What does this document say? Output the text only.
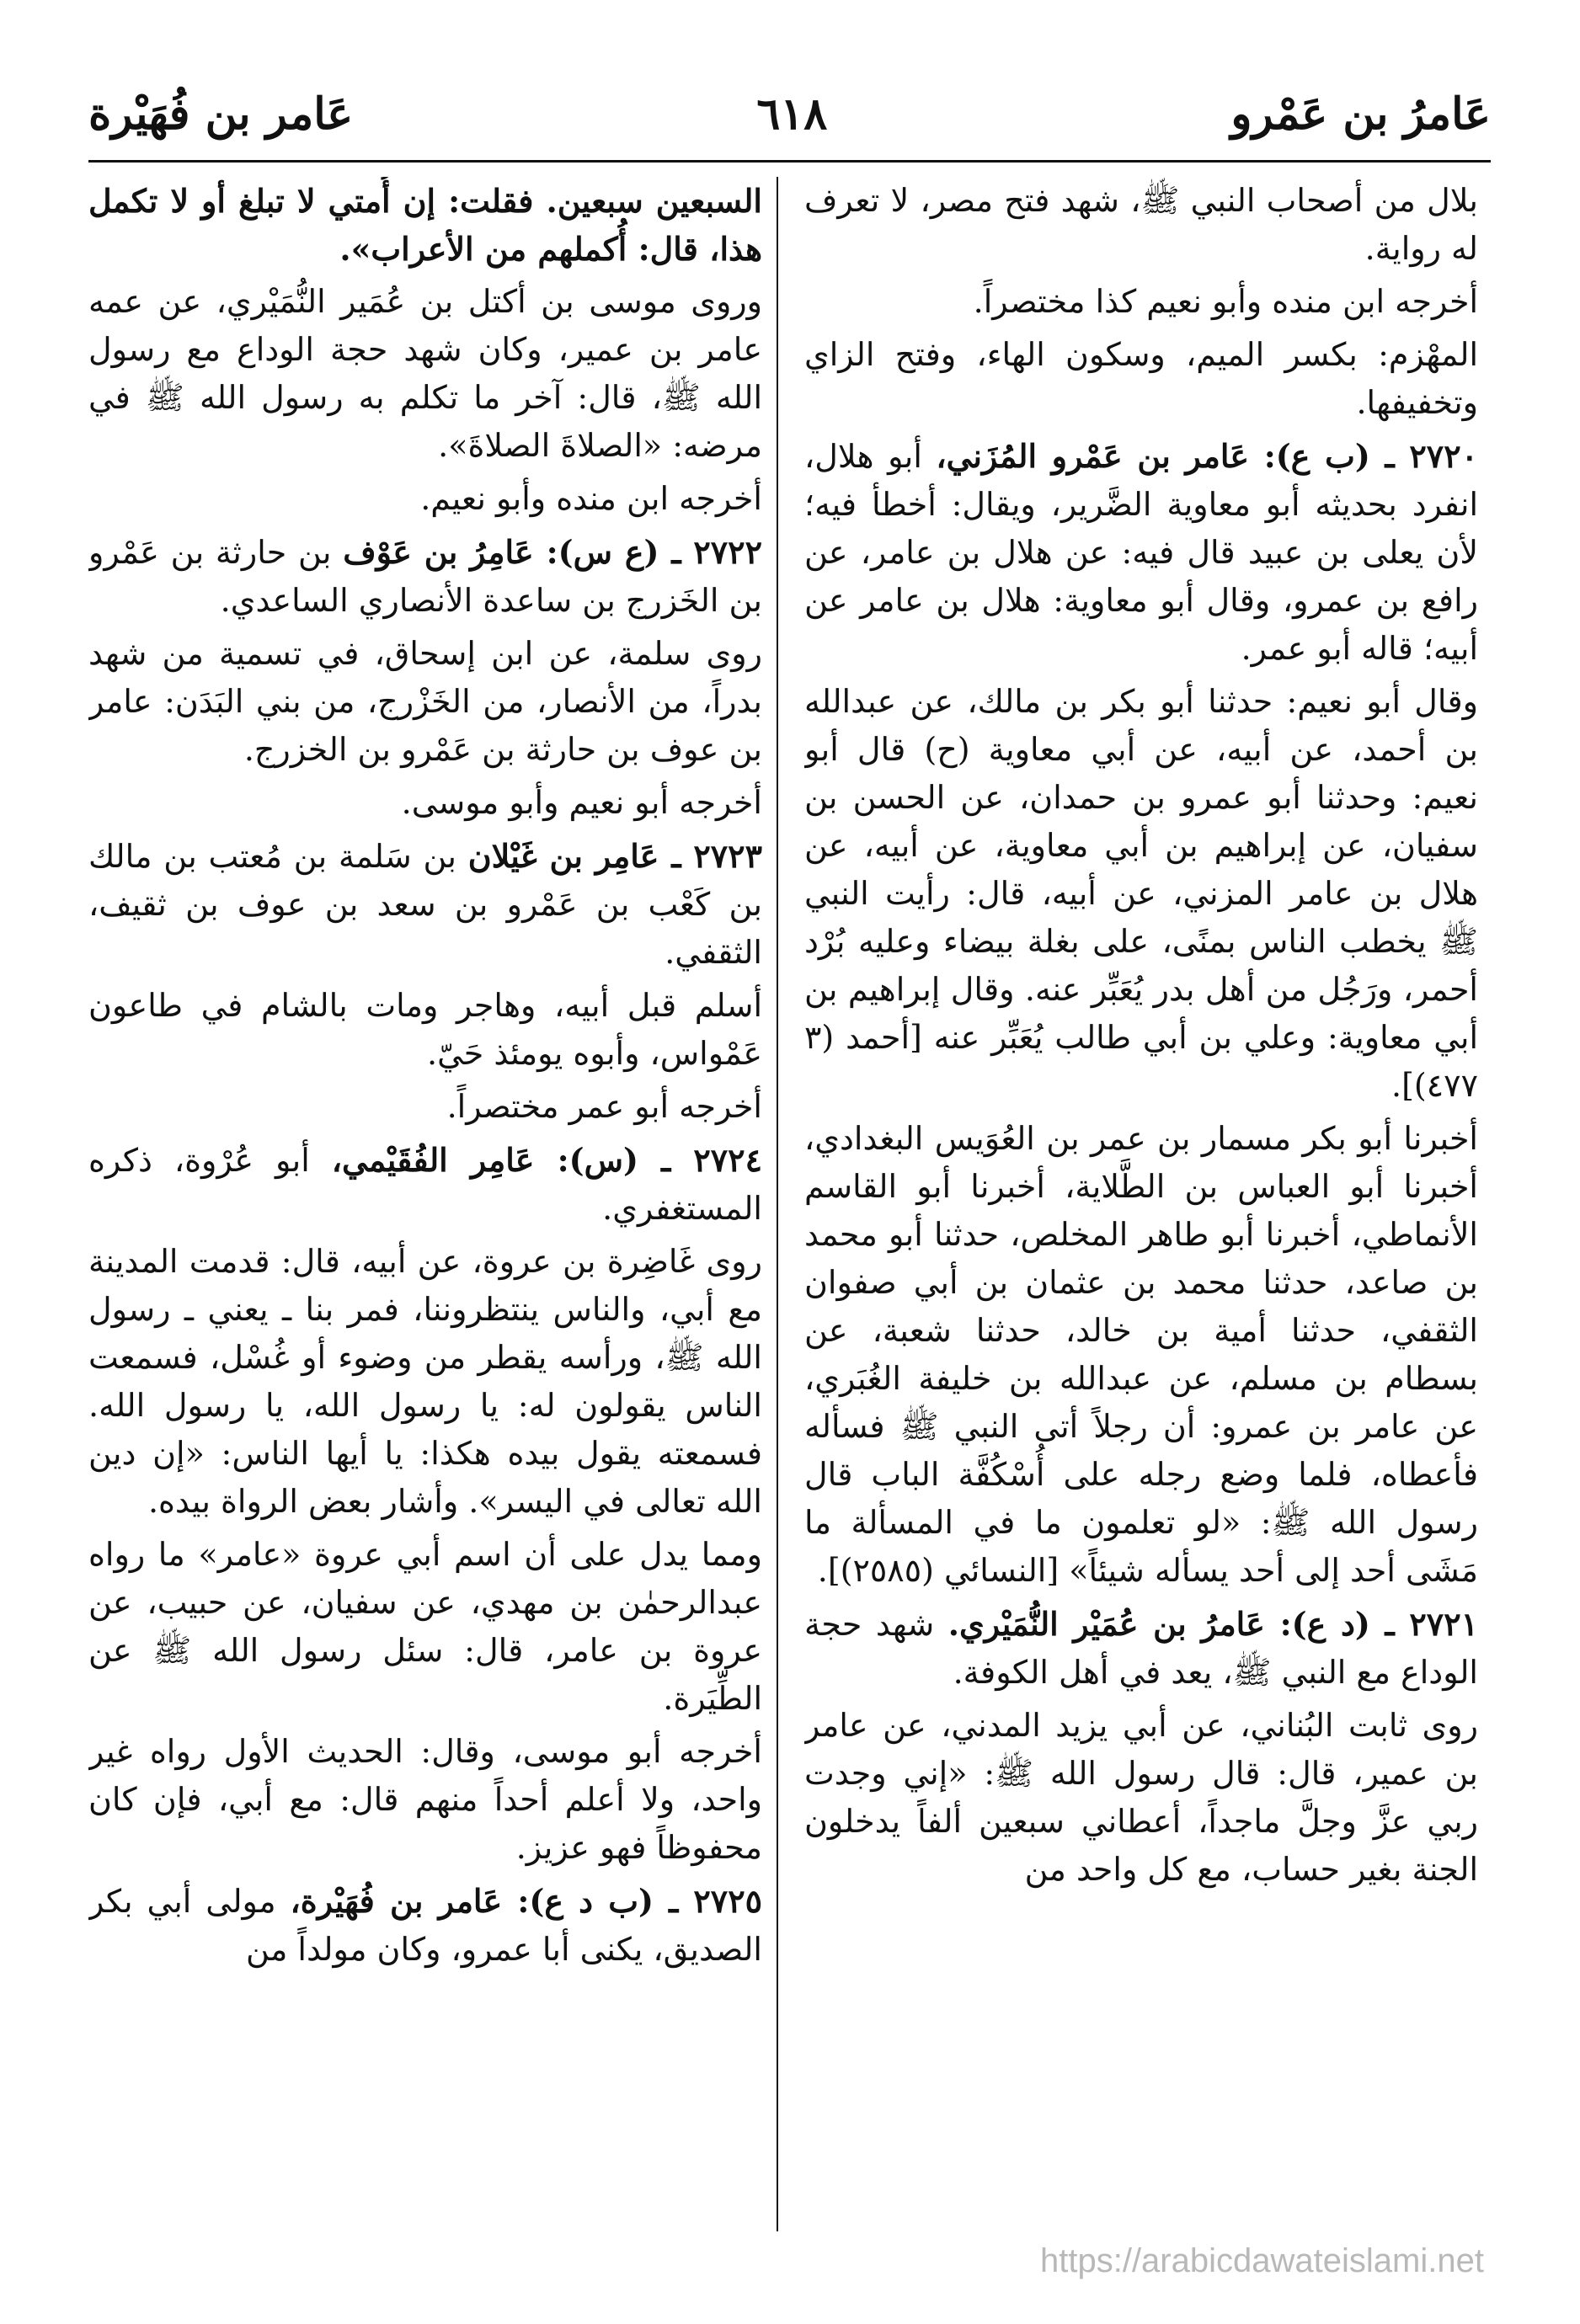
عَامرُ بن عَمْرو
٦١٨
عَامر بن فُهَيْرة

بلال من أصحاب النبي ﷺ، شهد فتح مصر، لا تعرف له رواية.

أخرجه ابن منده وأبو نعيم كذا مختصراً.

المهْزم: بكسر الميم، وسكون الهاء، وفتح الزاي وتخفيفها.

٢٧٢٠ ـ (ب ع): عَامر بن عَمْرو المُزَني، أبو هلال، انفرد بحديثه أبو معاوية الضَّرير، ويقال: أخطأ فيه؛ لأن يعلى بن عبيد قال فيه: عن هلال بن عامر، عن رافع بن عمرو، وقال أبو معاوية: هلال بن عامر عن أبيه؛ قاله أبو عمر.

وقال أبو نعيم: حدثنا أبو بكر بن مالك، عن عبدالله بن أحمد، عن أبيه، عن أبي معاوية (ح) قال أبو نعيم: وحدثنا أبو عمرو بن حمدان، عن الحسن بن سفيان، عن إبراهيم بن أبي معاوية، عن أبيه، عن هلال بن عامر المزني، عن أبيه، قال: رأيت النبي ﷺ يخطب الناس بمنًى، على بغلة بيضاء وعليه بُرْد أحمر، ورَجُل من أهل بدر يُعَبِّر عنه. وقال إبراهيم بن أبي معاوية: وعلي بن أبي طالب يُعَبِّر عنه [أحمد (٣ ٤٧٧)].

أخبرنا أبو بكر مسمار بن عمر بن العُوَيس البغدادي، أخبرنا أبو العباس بن الطَّلاية، أخبرنا أبو القاسم الأنماطي، أخبرنا أبو طاهر المخلص، حدثنا أبو محمد بن صاعد، حدثنا محمد بن عثمان بن أبي صفوان الثقفي، حدثنا أمية بن خالد، حدثنا شعبة، عن بسطام بن مسلم، عن عبدالله بن خليفة الغُبَري، عن عامر بن عمرو: أن رجلاً أتى النبي ﷺ فسأله فأعطاه، فلما وضع رجله على أُسْكُفَّة الباب قال رسول الله ﷺ: «لو تعلمون ما في المسألة ما مَشَى أحد إلى أحد يسأله شيئاً» [النسائي (٢٥٨٥)].

٢٧٢١ ـ (د ع): عَامرُ بن عُمَيْر النُّمَيْري. شهد حجة الوداع مع النبي ﷺ، يعد في أهل الكوفة.

روى ثابت البُناني، عن أبي يزيد المدني، عن عامر بن عمير، قال: قال رسول الله ﷺ: «إني وجدت ربي عزَّ وجلَّ ماجداً، أعطاني سبعين ألفاً يدخلون الجنة بغير حساب، مع كل واحد من

السبعين سبعين. فقلت: إن أُمتي لا تبلغ أو لا تكمل هذا، قال: أُكملهم من الأعراب».

وروى موسى بن أكتل بن عُمَير النُّمَيْري، عن عمه عامر بن عمير، وكان شهد حجة الوداع مع رسول الله ﷺ، قال: آخر ما تكلم به رسول الله ﷺ في مرضه: «الصلاةَ الصلاةَ».

أخرجه ابن منده وأبو نعيم.

٢٧٢٢ ـ (ع س): عَامِرُ بن عَوْف بن حارثة بن عَمْرو بن الخَزرج بن ساعدة الأنصاري الساعدي.

روى سلمة، عن ابن إسحاق، في تسمية من شهد بدراً، من الأنصار، من الخَزْرج، من بني البَدَن: عامر بن عوف بن حارثة بن عَمْرو بن الخزرج.

أخرجه أبو نعيم وأبو موسى.

٢٧٢٣ ـ عَامِر بن غَيْلان بن سَلمة بن مُعتب بن مالك بن كَعْب بن عَمْرو بن سعد بن عوف بن ثقيف، الثقفي.

أسلم قبل أبيه، وهاجر ومات بالشام في طاعون عَمْواس، وأبوه يومئذ حَيّ.

أخرجه أبو عمر مختصراً.

٢٧٢٤ ـ (س): عَامِر الفُقَيْمي، أبو عُرْوة، ذكره المستغفري.

روى غَاضِرة بن عروة، عن أبيه، قال: قدمت المدينة مع أبي، والناس ينتظروننا، فمر بنا ـ يعني ـ رسول الله ﷺ، ورأسه يقطر من وضوء أو غُسْل، فسمعت الناس يقولون له: يا رسول الله، يا رسول الله. فسمعته يقول بيده هكذا: يا أيها الناس: «إن دين الله تعالى في اليسر». وأشار بعض الرواة بيده.

ومما يدل على أن اسم أبي عروة «عامر» ما رواه عبدالرحمٰن بن مهدي، عن سفيان، عن حبيب، عن عروة بن عامر، قال: سئل رسول الله ﷺ عن الطِّيَرة.

أخرجه أبو موسى، وقال: الحديث الأول رواه غير واحد، ولا أعلم أحداً منهم قال: مع أبي، فإن كان محفوظاً فهو عزيز.

٢٧٢٥ ـ (ب د ع): عَامر بن فُهَيْرة، مولى أبي بكر الصديق، يكنى أبا عمرو، وكان مولداً من

https://arabicdawateislami.net
